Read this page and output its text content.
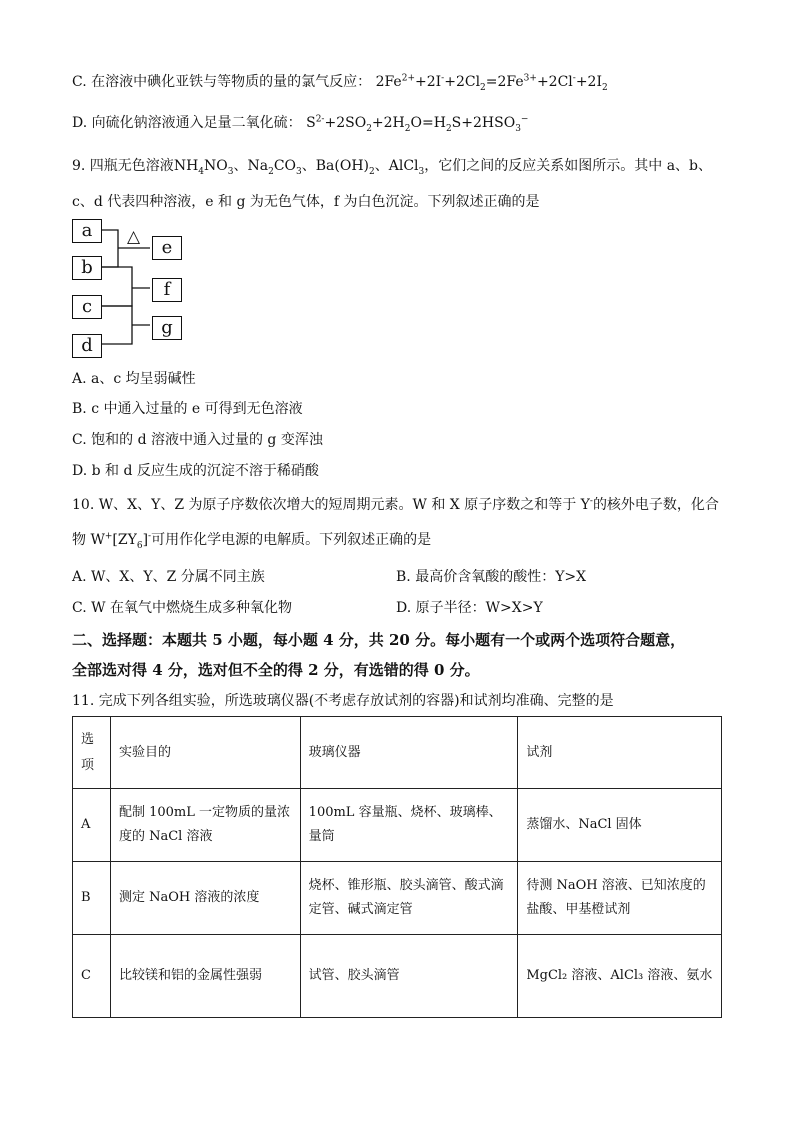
C. 在溶液中碘化亚铁与等物质的量的氯气反应： $2Fe^{2+}+2I^-+2Cl_2=2Fe^{3+}+2Cl^-+2I_2$
D. 向硫化钠溶液通入足量二氧化硫： $S^{2-}+2SO_2+2H_2O=H_2S+2HSO_3^-$
9. 四瓶无色溶液$NH_4NO_3$、$Na_2CO_3$、$Ba(OH)_2$、AlCl$_3$，它们之间的反应关系如图所示。其中 a、b、
c、d 代表四种溶液，e 和 g 为无色气体，f 为白色沉淀。下列叙述正确的是
△
a
b
c
d
e
f
g
A. a、c 均呈弱碱性
B. c 中通入过量的 e 可得到无色溶液
C. 饱和的 d 溶液中通入过量的 g 变浑浊
D. b 和 d 反应生成的沉淀不溶于稀硝酸
10. W、X、Y、Z 为原子序数依次增大的短周期元素。W 和 X 原子序数之和等于 Y-的核外电子数，化合
物 $W^+[ZY_6]^-$可用作化学电源的电解质。下列叙述正确的是
A. W、X、Y、Z 分属不同主族	B. 最高价含氧酸的酸性：Y>X
C. W 在氧气中燃烧生成多种氧化物	D. 原子半径：W>X>Y
二、选择题：本题共 5 小题，每小题 4 分，共 20 分。每小题有一个或两个选项符合题意，
全部选对得 4 分，选对但不全的得 2 分，有选错的得 0 分。
11. 完成下列各组实验，所选玻璃仪器(不考虑存放试剂的容器)和试剂均准确、完整的是
选
项	实验目的	玻璃仪器	试剂
A	配制 100mL 一定物质的量浓度的 NaCl 溶液	100mL 容量瓶、烧杯、玻璃棒、量筒	蒸馏水、NaCl 固体
B	测定 NaOH 溶液的浓度	烧杯、锥形瓶、胶头滴管、酸式滴定管、碱式滴定管	待测 NaOH 溶液、已知浓度的盐酸、甲基橙试剂
C	比较镁和铝的金属性强弱	试管、胶头滴管	MgCl₂ 溶液、AlCl₃ 溶液、氨水
